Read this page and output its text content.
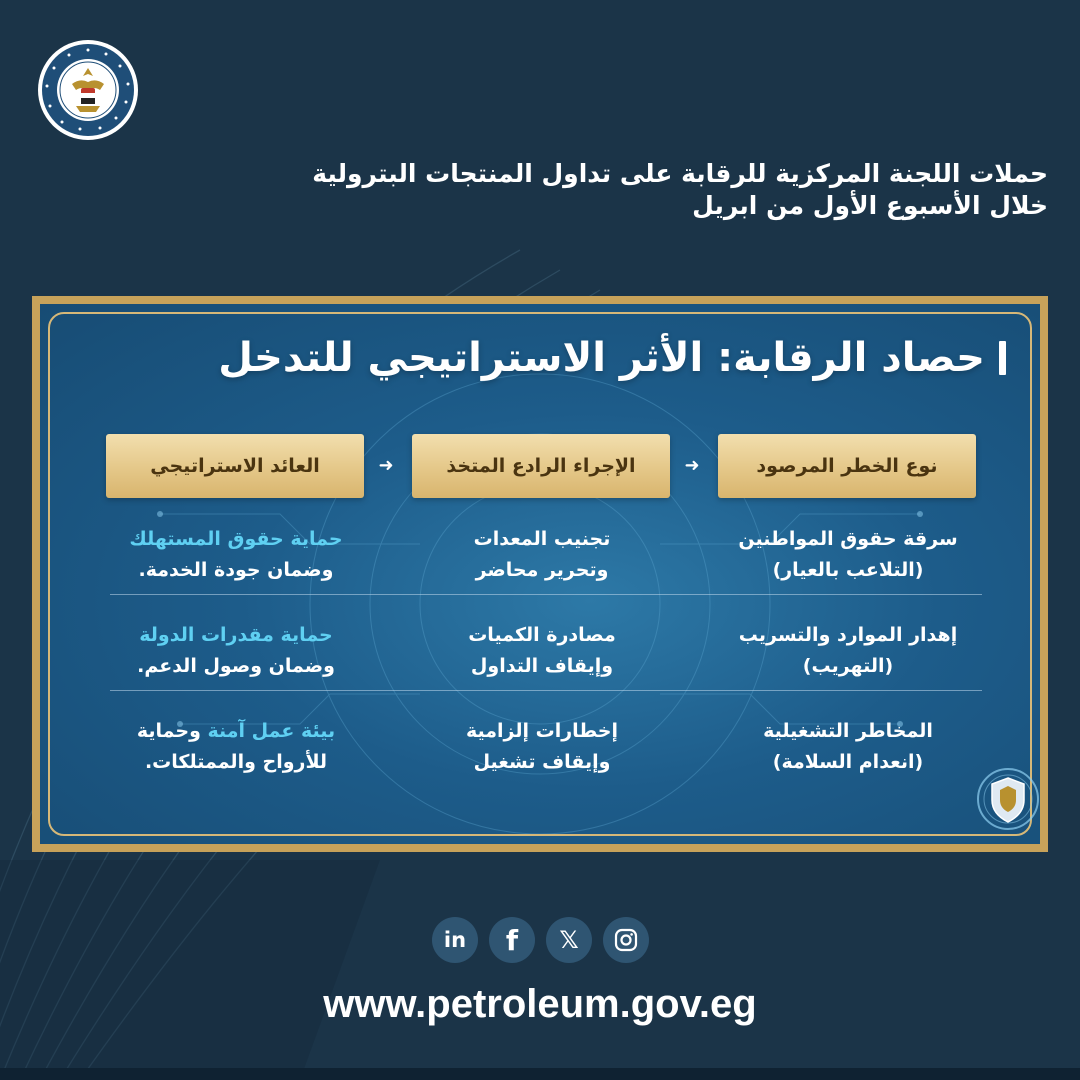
حملات اللجنة المركزية للرقابة على تداول المنتجات البترولية
خلال الأسبوع الأول من ابريل
حصاد الرقابة: الأثر الاستراتيجي للتدخل
نوع الخطر المرصود
➜
الإجراء الرادع المتخذ
➜
العائد الاستراتيجي
سرقة حقوق المواطنين
(التلاعب بالعيار)
تجنيب المعدات
وتحرير محاضر
حماية حقوق المستهلك
وضمان جودة الخدمة.
إهدار الموارد والتسريب
(التهريب)
مصادرة الكميات
وإيقاف التداول
حماية مقدرات الدولة
وضمان وصول الدعم.
المخاطر التشغيلية
(انعدام السلامة)
إخطارات إلزامية
وإيقاف تشغيل
بيئة عمل آمنة وحماية
للأرواح والممتلكات.
in f 𝕏
www.petroleum.gov.eg
